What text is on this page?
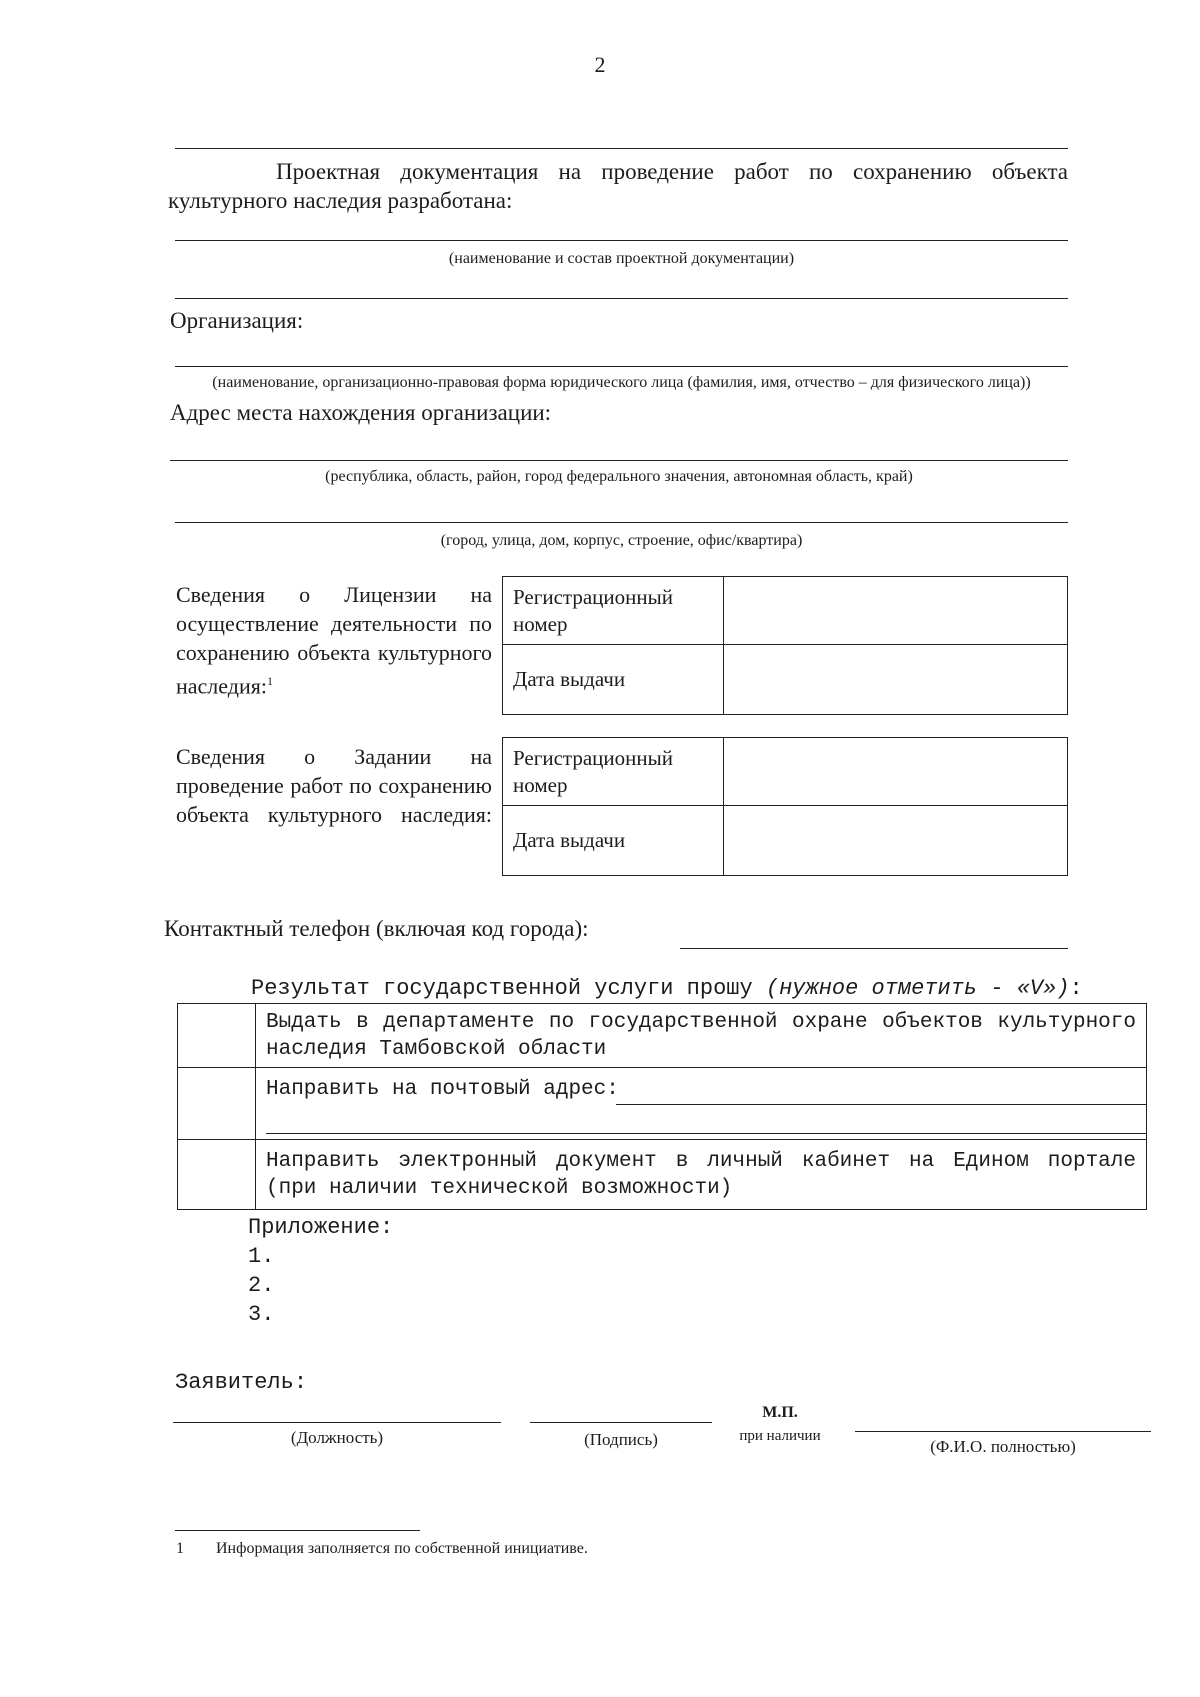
2
Проектная документация на проведение работ по сохранению объекта культурного наследия разработана:
(наименование и состав проектной документации)
Организация:
(наименование, организационно-правовая форма юридического лица (фамилия, имя, отчество – для физического лица))
Адрес места нахождения организации:
(республика, область, район, город федерального значения, автономная область, край)
(город, улица, дом, корпус, строение, офис/квартира)
Сведения о Лицензии на осуществление деятельности по сохранению объекта культурного наследия:$^1$
Регистрационный номер	
Дата выдачи	
Сведения о Задании на проведение работ по сохранению объекта культурного наследия:
Регистрационный номер	
Дата выдачи	
Контактный телефон (включая код города):
Результат государственной услуги прошу (нужное отметить - «V»):
	Выдать в департаменте по государственной охране объектов культурного наследия Тамбовской области
	Направить на почтовый адрес:

	Направить электронный документ в личный кабинет на Едином портале (при наличии технической возможности)
Приложение:
1.
2.
3.
Заявитель:
(Должность)	(Подпись)
М.П.
при наличии
(Ф.И.О. полностью)
1 Информация заполняется по собственной инициативе.
